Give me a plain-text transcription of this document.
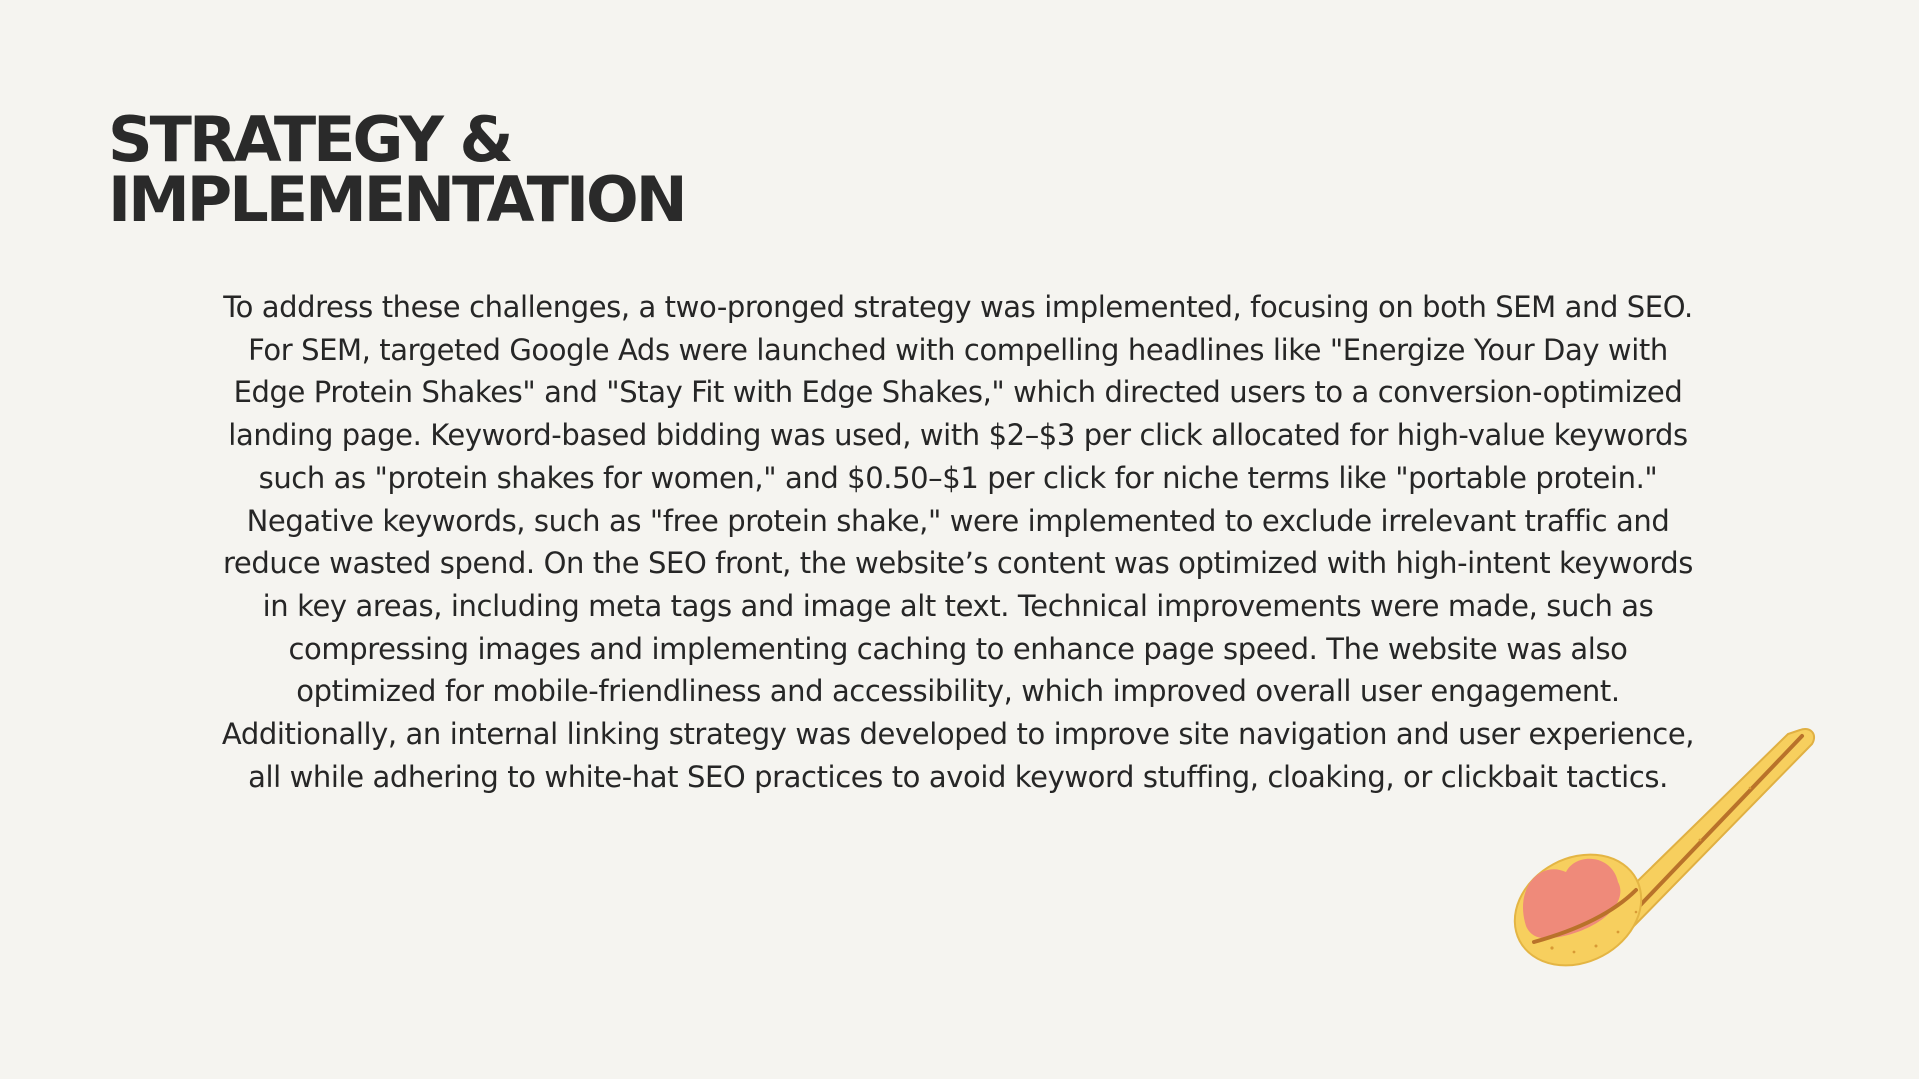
STRATEGY &
IMPLEMENTATION

To address these challenges, a two-pronged strategy was implemented, focusing on both SEM and SEO. For SEM, targeted Google Ads were launched with compelling headlines like "Energize Your Day with Edge Protein Shakes" and "Stay Fit with Edge Shakes," which directed users to a conversion-optimized landing page. Keyword-based bidding was used, with $2–$3 per click allocated for high-value keywords such as "protein shakes for women," and $0.50–$1 per click for niche terms like "portable protein." Negative keywords, such as "free protein shake," were implemented to exclude irrelevant traffic and reduce wasted spend. On the SEO front, the website’s content was optimized with high-intent keywords in key areas, including meta tags and image alt text. Technical improvements were made, such as compressing images and implementing caching to enhance page speed. The website was also optimized for mobile-friendliness and accessibility, which improved overall user engagement. Additionally, an internal linking strategy was developed to improve site navigation and user experience, all while adhering to white-hat SEO practices to avoid keyword stuffing, cloaking, or clickbait tactics.
